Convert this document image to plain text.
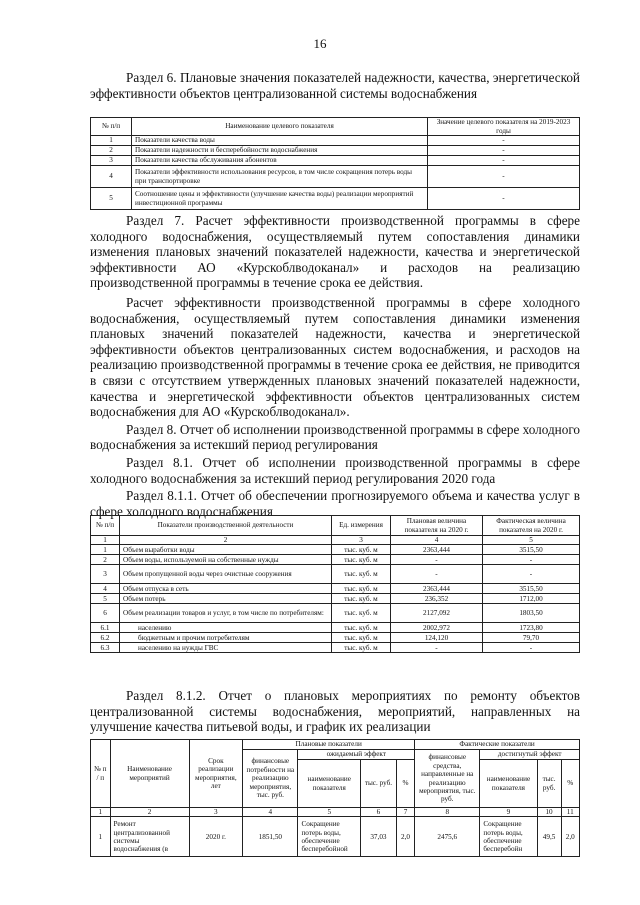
16

Раздел 6. Плановые значения показателей надежности, качества, энергетической эффективности объектов централизованной системы водоснабжения

№ п/п	Наименование целевого показателя	Значение целевого показателя на 2019-2023 годы
1	Показатели качества воды	-
2	Показатели надежности и бесперебойности водоснабжения	-
3	Показатели качества обслуживания абонентов	-
4	Показатели эффективности использования ресурсов, в том числе сокращения потерь воды при транспортировке	-
5	Соотношение цены и эффективности (улучшение качества воды) реализации мероприятий инвестиционной программы	-

Раздел 7. Расчет эффективности производственной программы в сфере холодного водоснабжения, осуществляемый путем сопоставления динамики изменения плановых значений показателей надежности, качества и энергетической эффективности АО «Курскоблводоканал» и расходов на реализацию производственной программы в течение срока ее действия.

Расчет эффективности производственной программы в сфере холодного водоснабжения, осуществляемый путем сопоставления динамики изменения плановых значений показателей надежности, качества и энергетической эффективности объектов централизованных систем водоснабжения, и расходов на реализацию производственной программы в течение срока ее действия, не приводится в связи с отсутствием утвержденных плановых значений показателей надежности, качества и энергетической эффективности объектов централизованных систем водоснабжения для АО «Курскоблводоканал».

Раздел 8. Отчет об исполнении производственной программы в сфере холодного водоснабжения за истекший период регулирования

Раздел 8.1. Отчет об исполнении производственной программы в сфере холодного водоснабжения за истекший период регулирования 2020 года

Раздел 8.1.1. Отчет об обеспечении прогнозируемого объема и качества услуг в сфере холодного водоснабжения

№ п/п	Показатели производственной деятельности	Ед. измерения	Плановая величина показателя на 2020 г.	Фактическая величина показателя на 2020 г.
1	2	3	4	5
1	Объем выработки воды	тыс. куб. м	2363,444	3515,50
2	Объем воды, используемой на собственные нужды	тыс. куб. м	-	-
3	Объем пропущенной воды через очистные сооружения	тыс. куб. м	-	-
4	Объем отпуска в сеть	тыс. куб. м	2363,444	3515,50
5	Объем потерь	тыс. куб. м	236,352	1712,00
6	Объем реализации товаров и услуг, в том числе по потребителям:	тыс. куб. м	2127,092	1803,50
6.1	населению	тыс. куб. м	2002,972	1723,80
6.2	бюджетным и прочим потребителям	тыс. куб. м	124,120	79,70
6.3	населению на нужды ГВС	тыс. куб. м	-	-

Раздел 8.1.2. Отчет о плановых мероприятиях по ремонту объектов централизованной системы водоснабжения, мероприятий, направленных на улучшение качества питьевой воды, и график их реализации

№ п / п	Наименование мероприятий	Срок реализации мероприятия, лет	Плановые показатели				Фактические показатели			
			финансовые потребности на реализацию мероприятия, тыс. руб.	ожидаемый эффект			финансовые средства, направленные на реализацию мероприятия, тыс. руб.	достигнутый эффект		
				наименование показателя	тыс. руб.	%		наименование показателя	тыс. руб.	%
1	2	3	4	5	6	7	8	9	10	11
1	Ремонт централизованной системы водоснабжения (в	2020 г.	1851,50	Сокращение потерь воды, обеспечение бесперебойной	37,03	2,0	2475,6	Сокращение потерь воды, обеспечение бесперебойн	49,5	2,0
